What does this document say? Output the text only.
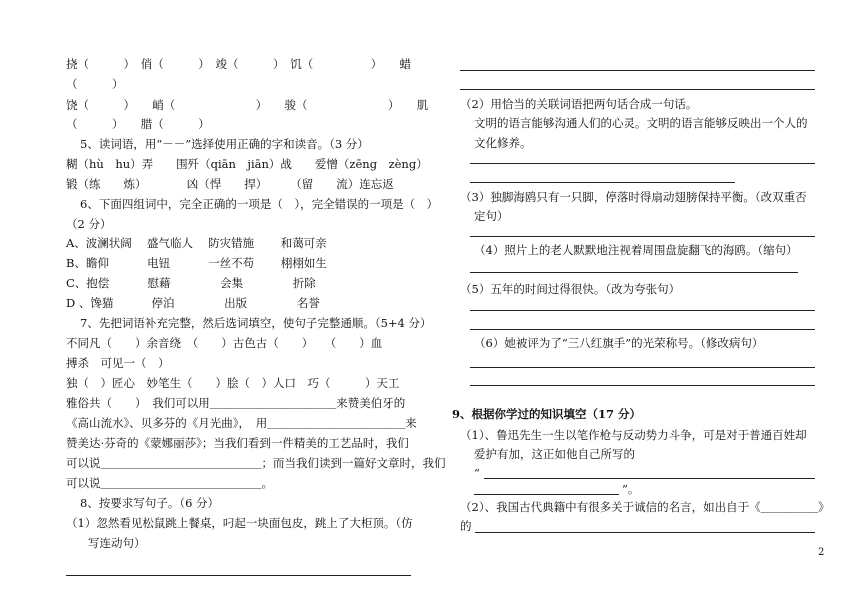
挠（　　　）　俏（　　　）　竣（　　　）　饥（　　　　　）　　蜡
（　　　）
饶（　　　）　　峭（　　　　　　　）　　骏（　　　　　　　）　　肌
（　　　）　　腊（　　　）
5、读词语，用“－－”选择使用正确的字和读音。（3 分）
糊（hù　hu）弄　　围歼（qiān　jiān）战　　爱憎（zēng　zèng）
锻（练　　炼）　　　　凶（悍　　捍）　　　（留　　流）连忘返
6、下面四组词中，完全正确的一项是（　），完全错误的一项是（　）
（2 分）
A、波澜状阔　 盛气临人　 防灾错施　　 和蔼可亲
B、瞻仰　　　 电钮　　　 一丝不苟　　 栩栩如生
C、抱偿　　　 慰藉　　　　 会集　　　　 折除
D 、馋猫　　　 停泊　　　　 出版　　　　 名誉
7、先把词语补充完整，然后选词填空，使句子完整通顺。（5+4 分）
不同凡（　　）余音绕　（　　）古色古（　　）　　（　　）血
搏杀　可见一（　）
独（　）匠心　妙笔生（　　）脍（　）人口　巧（　　　）天工
雅俗共（　　）　我们可以用＿＿＿＿＿＿＿＿＿＿＿来赞美伯牙的
《高山流水》、贝多芬的《月光曲》，　用＿＿＿＿＿＿＿＿＿＿＿＿来
赞美达·芬奇的《蒙娜丽莎》；当我们看到一件精美的工艺品时，我们
可以说＿＿＿＿＿＿＿＿＿＿＿＿＿＿；而当我们读到一篇好文章时，我们
可以说＿＿＿＿＿＿＿＿＿＿＿＿＿＿。
8、按要求写句子。（6 分）
（1）忽然看见松鼠跳上餐桌，叼起一块面包皮，跳上了大柜顶。（仿
写连动句）
（2）用恰当的关联词语把两句话合成一句话。
文明的语言能够沟通人们的心灵。文明的语言能够反映出一个人的
文化修养。
（3）独脚海鸥只有一只脚，停落时得扇动翅膀保持平衡。（改双重否
定句）
（4）照片上的老人默默地注视着周围盘旋翻飞的海鸥。（缩句）
（5）五年的时间过得很快。（改为夸张句）
（6）她被评为了“三八红旗手”的光荣称号。（修改病句）
9、根据你学过的知识填空（17 分）
（1）、鲁迅先生一生以笔作枪与反动势力斗争，可是对于普通百姓却
爱护有加，这正如他自己所写的
“
”。
（2）、我国古代典籍中有很多关于诚信的名言，如出自于《＿＿＿＿＿》
的
2
